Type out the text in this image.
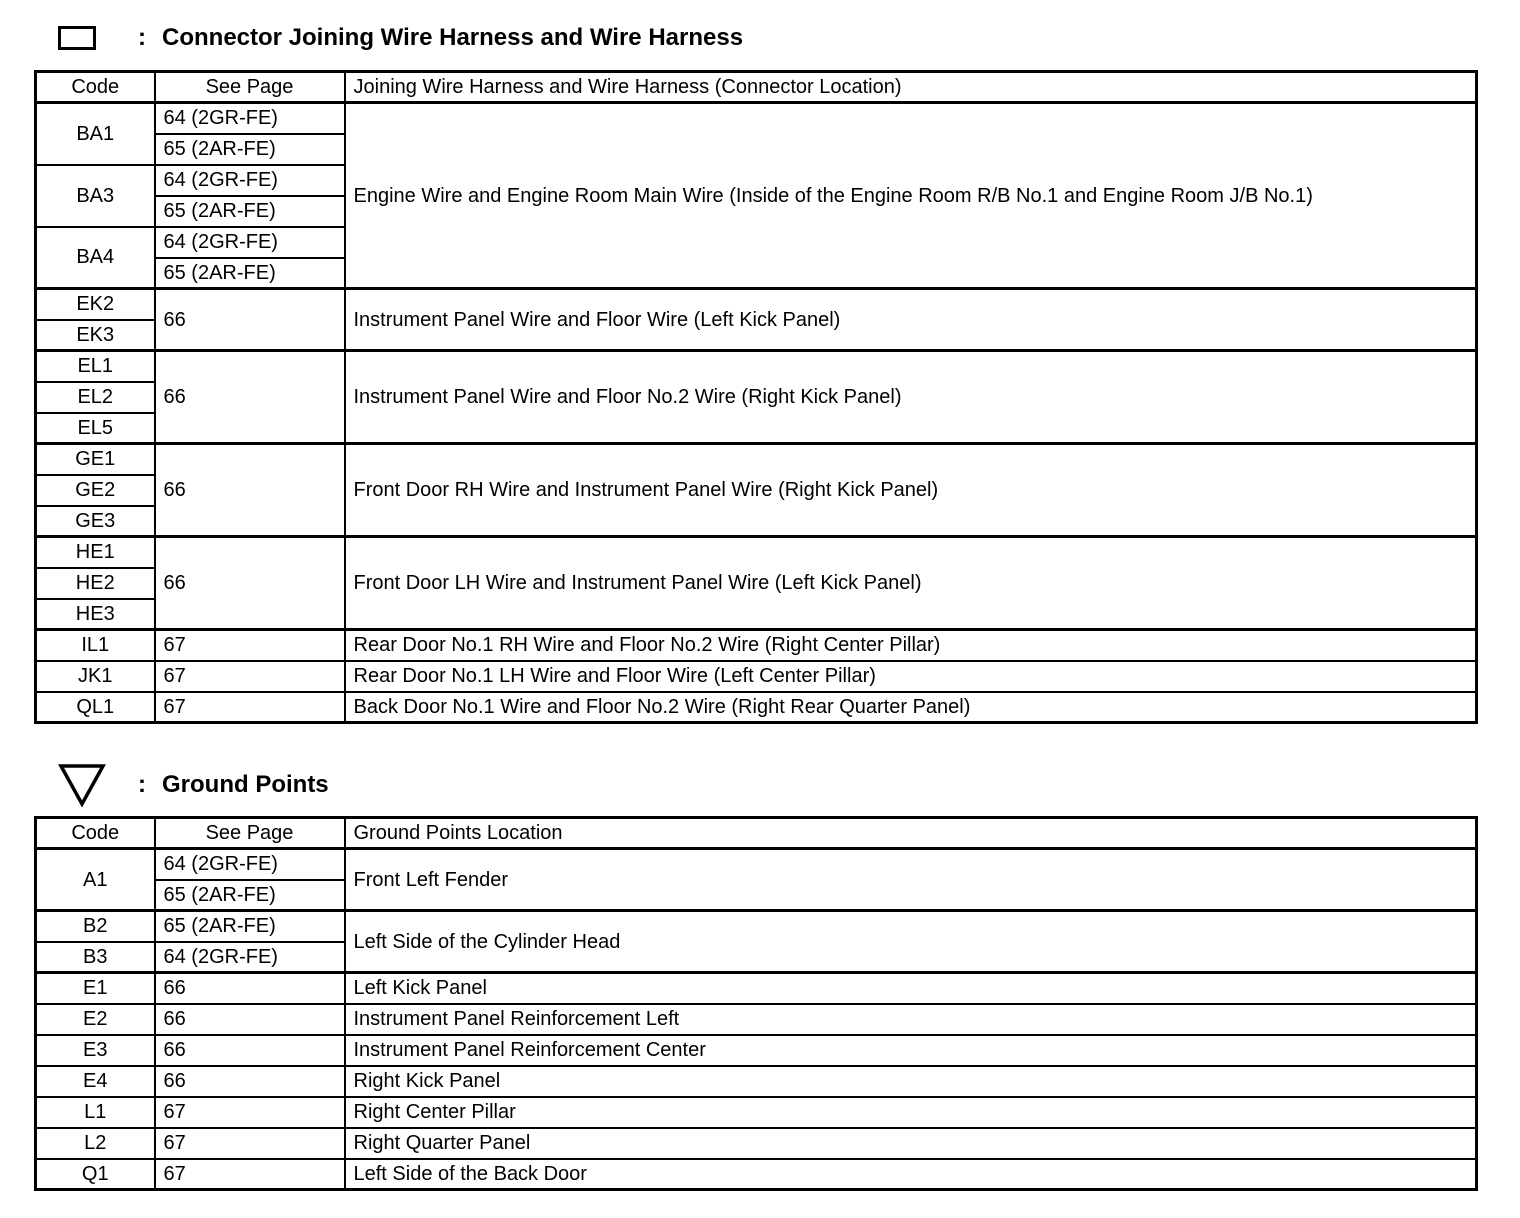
: Connector Joining Wire Harness and Wire Harness
Code	See Page	Joining Wire Harness and Wire Harness (Connector Location)
BA1	64 (2GR-FE)	Engine Wire and Engine Room Main Wire (Inside of the Engine Room R/B No.1 and Engine Room J/B No.1)
	65 (2AR-FE)	
BA3	64 (2GR-FE)	
	65 (2AR-FE)	
BA4	64 (2GR-FE)	
	65 (2AR-FE)	
EK2	66	Instrument Panel Wire and Floor Wire (Left Kick Panel)
EK3		
EL1	66	Instrument Panel Wire and Floor No.2 Wire (Right Kick Panel)
EL2		
EL5		
GE1	66	Front Door RH Wire and Instrument Panel Wire (Right Kick Panel)
GE2		
GE3		
HE1	66	Front Door LH Wire and Instrument Panel Wire (Left Kick Panel)
HE2		
HE3		
IL1	67	Rear Door No.1 RH Wire and Floor No.2 Wire (Right Center Pillar)
JK1	67	Rear Door No.1 LH Wire and Floor Wire (Left Center Pillar)
QL1	67	Back Door No.1 Wire and Floor No.2 Wire (Right Rear Quarter Panel)
: Ground Points
Code	See Page	Ground Points Location
A1	64 (2GR-FE)	Front Left Fender
	65 (2AR-FE)	
B2	65 (2AR-FE)	Left Side of the Cylinder Head
B3	64 (2GR-FE)	
E1	66	Left Kick Panel
E2	66	Instrument Panel Reinforcement Left
E3	66	Instrument Panel Reinforcement Center
E4	66	Right Kick Panel
L1	67	Right Center Pillar
L2	67	Right Quarter Panel
Q1	67	Left Side of the Back Door
